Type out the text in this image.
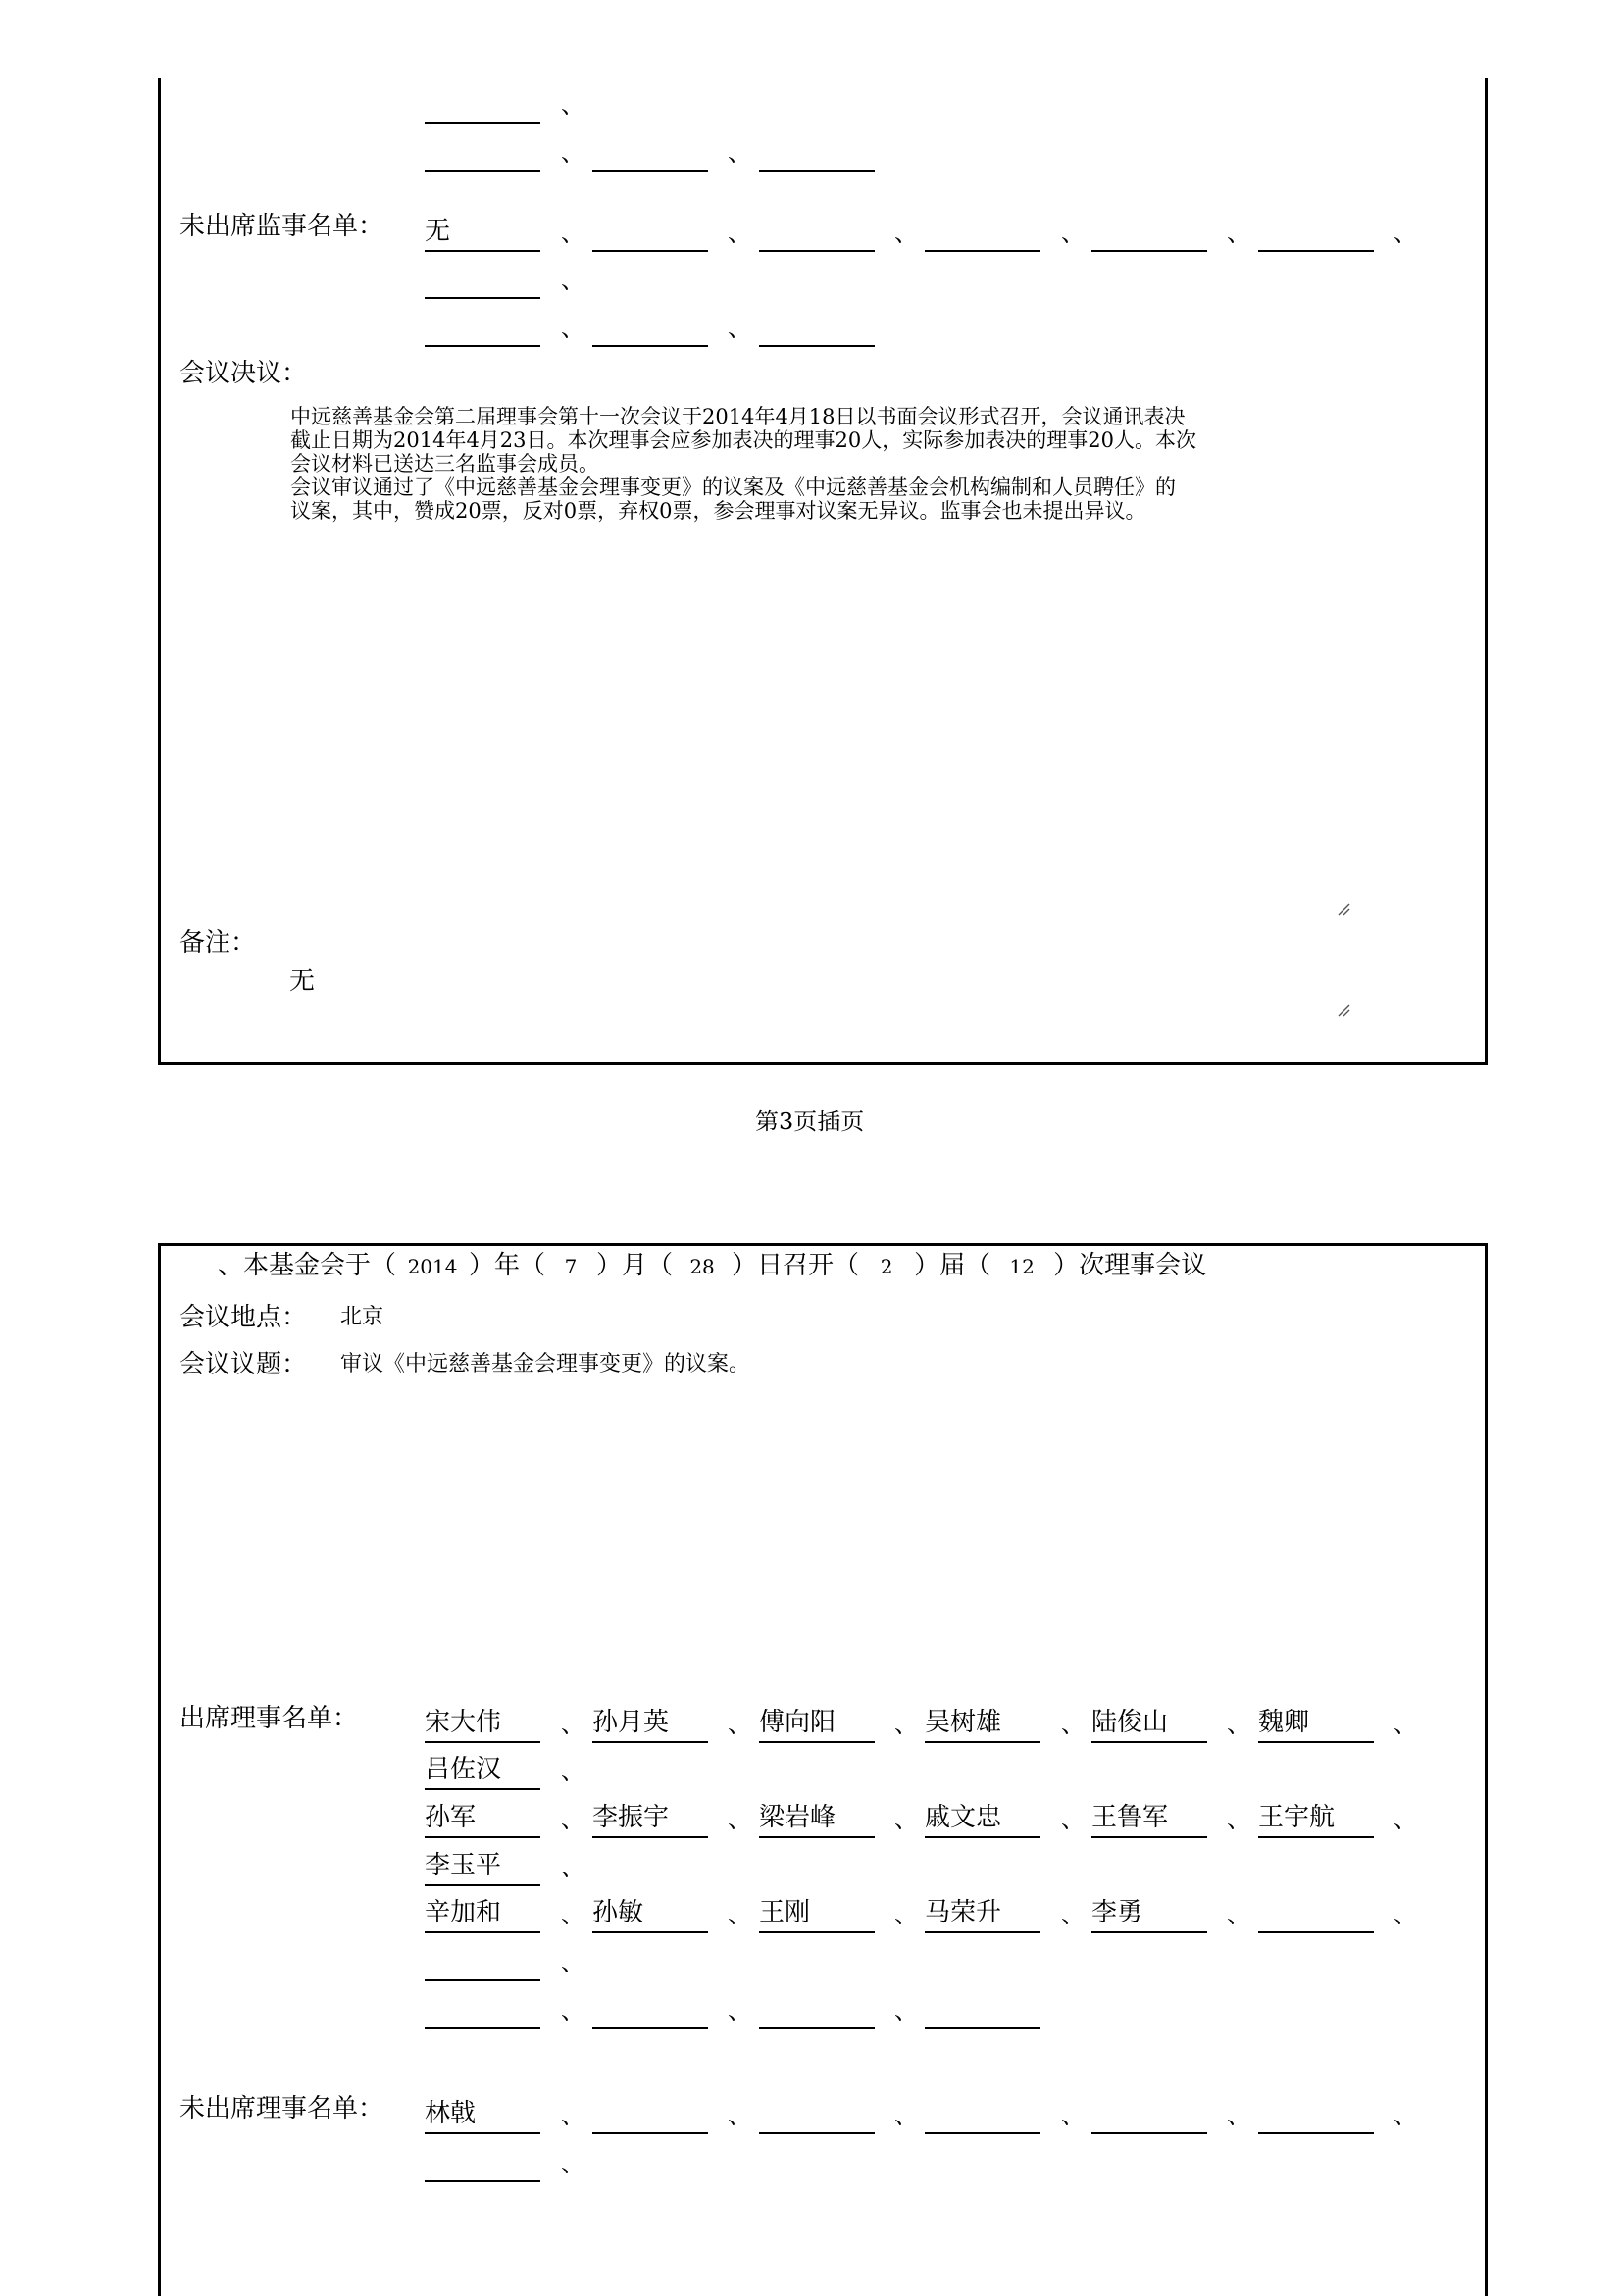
、
、	、
未出席监事名单： 无	、	、	、	、	、	、
、
、	、
会议决议：

中远慈善基金会第二届理事会第十一次会议于2014年4月18日以书面会议形式召开，会议通讯表决

截止日期为2014年4月23日。本次理事会应参加表决的理事20人，实际参加表决的理事20人。本次

会议材料已送达三名监事会成员。

会议审议通过了《中远慈善基金会理事变更》的议案及《中远慈善基金会机构编制和人员聘任》的

议案，其中，赞成20票，反对0票，弃权0票，参会理事对议案无异议。监事会也未提出异议。

备注：
无
第3页插页
、本基金会于（ 2014 ）年（ 7 ）月（ 28 ）日召开（ 2 ）届（ 12 ）次理事会议
会议地点： 北京
会议议题： 审议《中远慈善基金会理事变更》的议案。
出席理事名单：	宋大伟	、 孙月英	、 傅向阳	、 吴树雄	、 陆俊山	、 魏卿	、
吕佐汉	、
孙军	、 李振宇	、 梁岩峰	、 戚文忠	、 王鲁军	、 王宇航	、
李玉平	、
辛加和	、 孙敏	、 王刚	、 马荣升	、 李勇	、	、
、
、	、	、
未出席理事名单： 林戟	、	、	、	、	、	、
、
